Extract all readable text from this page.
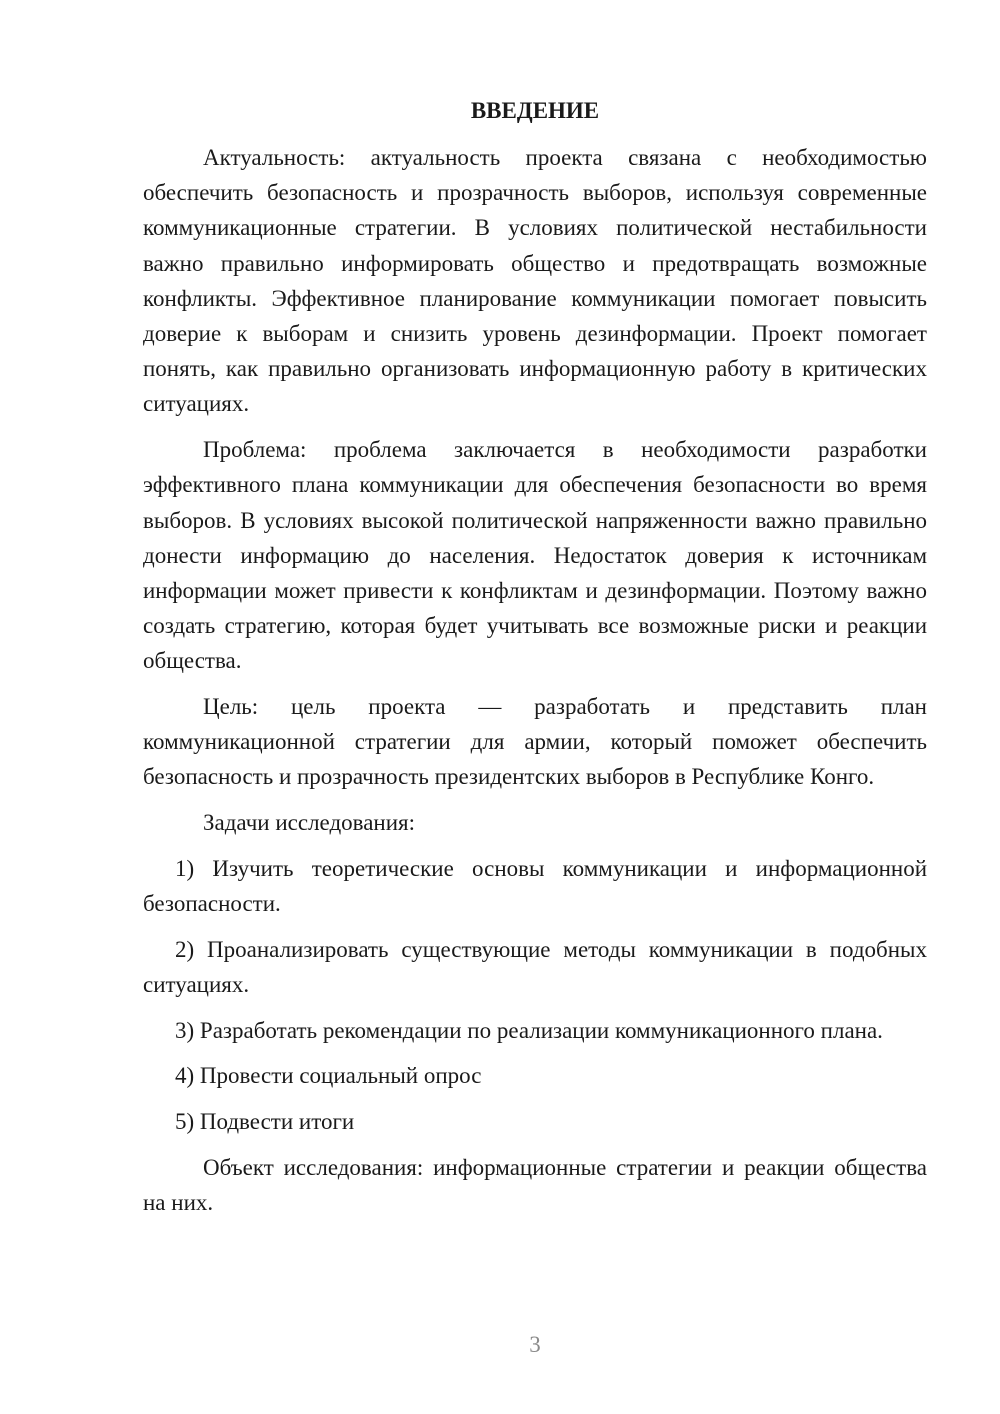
ВВЕДЕНИЕ

Актуальность: актуальность проекта связана с необходимостью обеспечить безопасность и прозрачность выборов, используя современные коммуникационные стратегии. В условиях политической нестабильности важно правильно информировать общество и предотвращать возможные конфликты. Эффективное планирование коммуникации помогает повысить доверие к выборам и снизить уровень дезинформации. Проект помогает понять, как правильно организовать информационную работу в критических ситуациях.

Проблема: проблема заключается в необходимости разработки эффективного плана коммуникации для обеспечения безопасности во время выборов. В условиях высокой политической напряженности важно правильно донести информацию до населения. Недостаток доверия к источникам информации может привести к конфликтам и дезинформации. Поэтому важно создать стратегию, которая будет учитывать все возможные риски и реакции общества.

Цель: цель проекта — разработать и представить план коммуникационной стратегии для армии, который поможет обеспечить безопасность и прозрачность президентских выборов в Республике Конго.

Задачи исследования:

1) Изучить теоретические основы коммуникации и информационной безопасности.

2) Проанализировать существующие методы коммуникации в подобных ситуациях.

3) Разработать рекомендации по реализации коммуникационного плана.

4) Провести социальный опрос

5) Подвести итоги

Объект исследования: информационные стратегии и реакции общества на них.

3
